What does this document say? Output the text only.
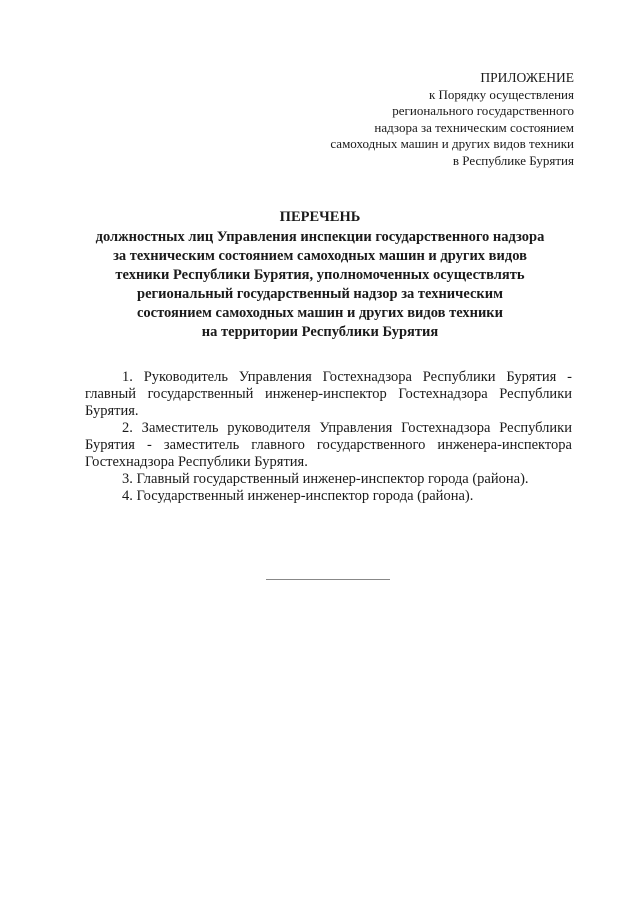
ПРИЛОЖЕНИЕ
к Порядку осуществления
регионального государственного
надзора за техническим состоянием
самоходных машин и других видов техники
в Республике Бурятия
ПЕРЕЧЕНЬ
должностных лиц Управления инспекции государственного надзора
за техническим состоянием самоходных машин и других видов
техники Республики Бурятия, уполномоченных осуществлять
региональный государственный надзор за техническим
состоянием самоходных машин и других видов техники
на территории Республики Бурятия

1. Руководитель Управления Гостехнадзора Республики Бурятия - главный государственный инженер-инспектор Гостехнадзора Республики Бурятия.

2. Заместитель руководителя Управления Гостехнадзора Республики Бурятия - заместитель главного государственного инженера-инспектора Гостехнадзора Республики Бурятия.

3. Главный государственный инженер-инспектор города (района).

4. Государственный инженер-инспектор города (района).
